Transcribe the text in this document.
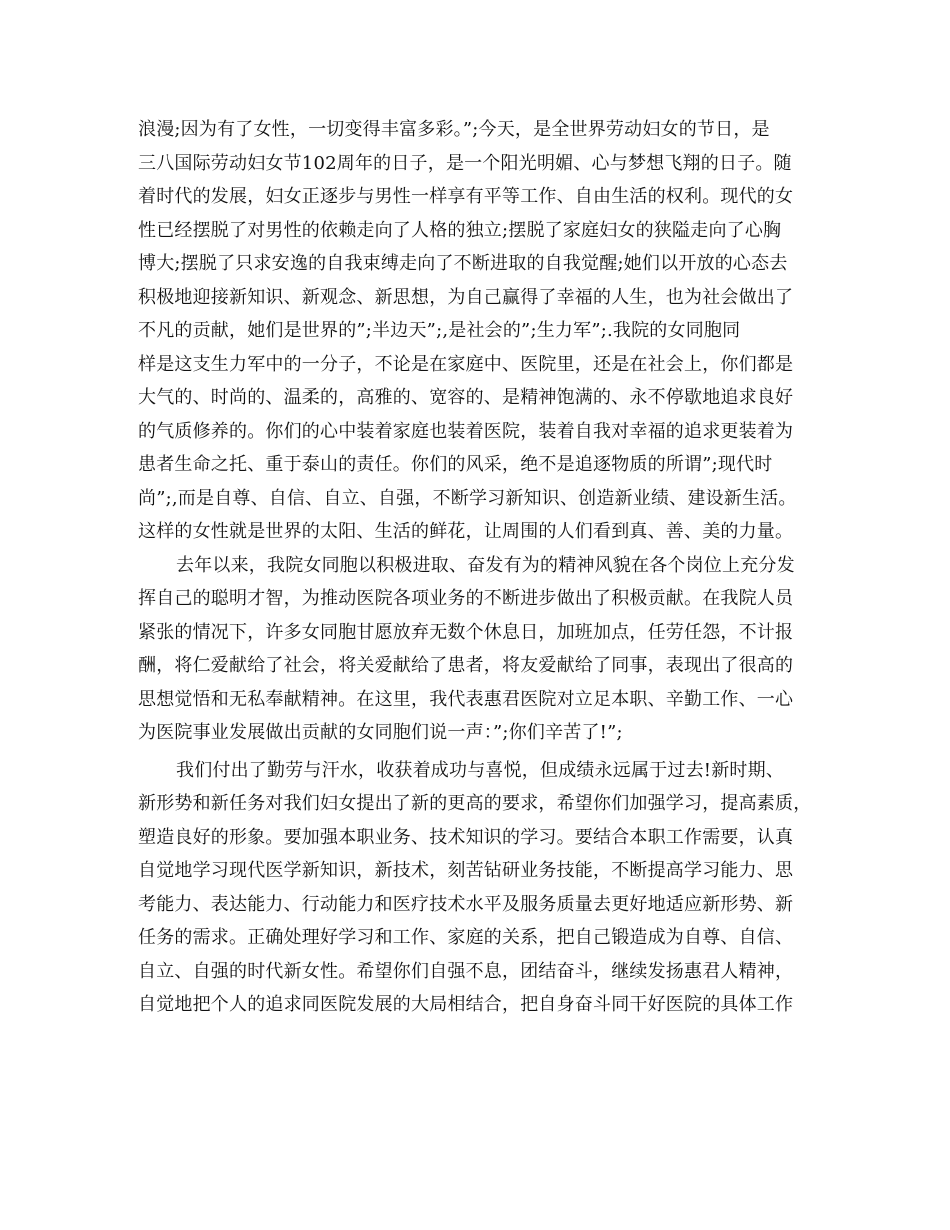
浪漫;因为有了女性，一切变得丰富多彩。”;今天，是全世界劳动妇女的节日，是
三八国际劳动妇女节102周年的日子，是一个阳光明媚、心与梦想飞翔的日子。随
着时代的发展，妇女正逐步与男性一样享有平等工作、自由生活的权利。现代的女
性已经摆脱了对男性的依赖走向了人格的独立;摆脱了家庭妇女的狭隘走向了心胸
博大;摆脱了只求安逸的自我束缚走向了不断进取的自我觉醒;她们以开放的心态去
积极地迎接新知识、新观念、新思想，为自己赢得了幸福的人生，也为社会做出了
不凡的贡献，她们是世界的”;半边天”;,是社会的”;生力军”;.我院的女同胞同
样是这支生力军中的一分子，不论是在家庭中、医院里，还是在社会上，你们都是
大气的、时尚的、温柔的，高雅的、宽容的、是精神饱满的、永不停歇地追求良好
的气质修养的。你们的心中装着家庭也装着医院，装着自我对幸福的追求更装着为
患者生命之托、重于泰山的责任。你们的风采，绝不是追逐物质的所谓”;现代时
尚”;,而是自尊、自信、自立、自强，不断学习新知识、创造新业绩、建设新生活。
这样的女性就是世界的太阳、生活的鲜花，让周围的人们看到真、善、美的力量。
去年以来，我院女同胞以积极进取、奋发有为的精神风貌在各个岗位上充分发
挥自己的聪明才智，为推动医院各项业务的不断进步做出了积极贡献。在我院人员
紧张的情况下，许多女同胞甘愿放弃无数个休息日，加班加点，任劳任怨，不计报
酬，将仁爱献给了社会，将关爱献给了患者，将友爱献给了同事，表现出了很高的
思想觉悟和无私奉献精神。在这里，我代表惠君医院对立足本职、辛勤工作、一心
为医院事业发展做出贡献的女同胞们说一声：”;你们辛苦了!”;
我们付出了勤劳与汗水，收获着成功与喜悦，但成绩永远属于过去!新时期、
新形势和新任务对我们妇女提出了新的更高的要求，希望你们加强学习，提高素质，
塑造良好的形象。要加强本职业务、技术知识的学习。要结合本职工作需要，认真
自觉地学习现代医学新知识，新技术，刻苦钻研业务技能，不断提高学习能力、思
考能力、表达能力、行动能力和医疗技术水平及服务质量去更好地适应新形势、新
任务的需求。正确处理好学习和工作、家庭的关系，把自己锻造成为自尊、自信、
自立、自强的时代新女性。希望你们自强不息，团结奋斗，继续发扬惠君人精神，
自觉地把个人的追求同医院发展的大局相结合，把自身奋斗同干好医院的具体工作
